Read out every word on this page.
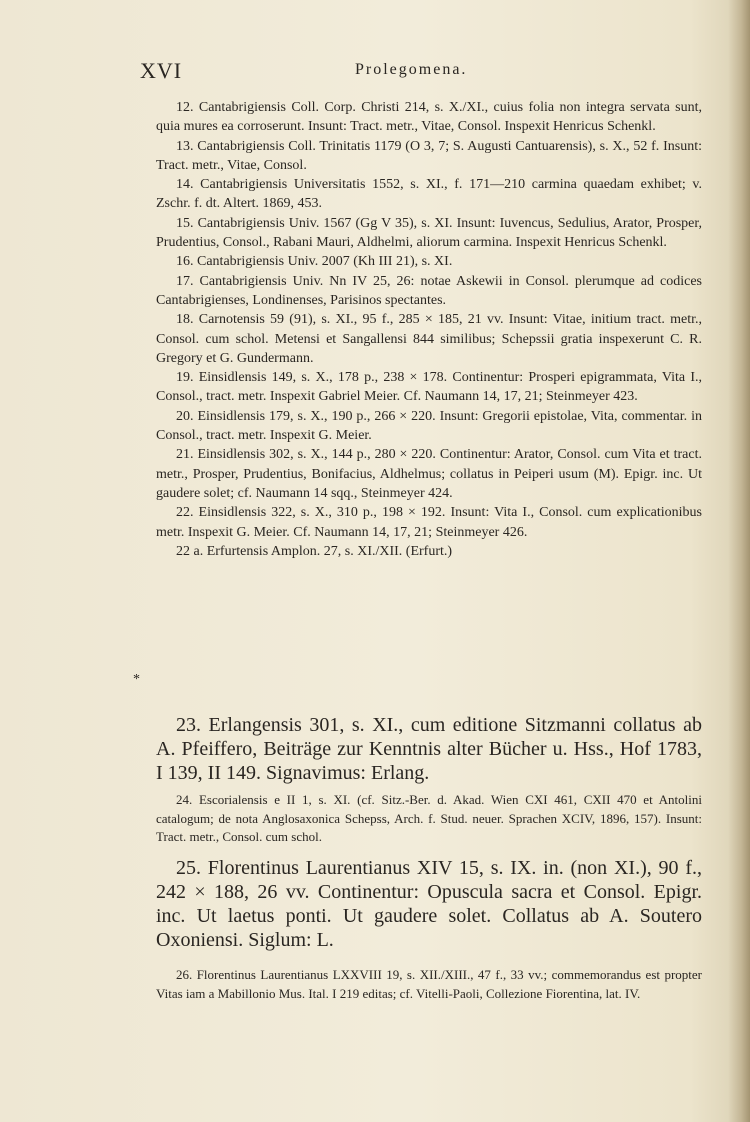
XVI	Prolegomena.

12. Cantabrigiensis Coll. Corp. Christi 214, s. X./XI., cuius folia non integra servata sunt, quia mures ea corroserunt. Insunt: Tract. metr., Vitae, Consol. Inspexit Henricus Schenkl.

13. Cantabrigiensis Coll. Trinitatis 1179 (O 3, 7; S. Augusti Cantuarensis), s. X., 52 f. Insunt: Tract. metr., Vitae, Consol.

14. Cantabrigiensis Universitatis 1552, s. XI., f. 171—210 carmina quaedam exhibet; v. Zschr. f. dt. Altert. 1869, 453.

15. Cantabrigiensis Univ. 1567 (Gg V 35), s. XI. Insunt: Iuvencus, Sedulius, Arator, Prosper, Prudentius, Consol., Rabani Mauri, Aldhelmi, aliorum carmina. Inspexit Henricus Schenkl.

16. Cantabrigiensis Univ. 2007 (Kh III 21), s. XI.

17. Cantabrigiensis Univ. Nn IV 25, 26: notae Askewii in Consol. plerumque ad codices Cantabrigienses, Londinenses, Parisinos spectantes.

18. Carnotensis 59 (91), s. XI., 95 f., 285 × 185, 21 vv. Insunt: Vitae, initium tract. metr., Consol. cum schol. Metensi et Sangallensi 844 similibus; Schepssii gratia inspexerunt C. R. Gregory et G. Gundermann.

19. Einsidlensis 149, s. X., 178 p., 238 × 178. Continentur: Prosperi epigrammata, Vita I., Consol., tract. metr. Inspexit Gabriel Meier. Cf. Naumann 14, 17, 21; Steinmeyer 423.

20. Einsidlensis 179, s. X., 190 p., 266 × 220. Insunt: Gregorii epistolae, Vita, commentar. in Consol., tract. metr. Inspexit G. Meier.

21. Einsidlensis 302, s. X., 144 p., 280 × 220. Continentur: Arator, Consol. cum Vita et tract. metr., Prosper, Prudentius, Bonifacius, Aldhelmus; collatus in Peiperi usum (M). Epigr. inc. Ut gaudere solet; cf. Naumann 14 sqq., Steinmeyer 424.

22. Einsidlensis 322, s. X., 310 p., 198 × 192. Insunt: Vita I., Consol. cum explicationibus metr. Inspexit G. Meier. Cf. Naumann 14, 17, 21; Steinmeyer 426.

22 a. Erfurtensis Amplon. 27, s. XI./XII. (Erfurt.)

*

23. Erlangensis 301, s. XI., cum editione Sitzmanni collatus ab A. Pfeiffero, Beiträge zur Kenntnis alter Bücher u. Hss., Hof 1783, I 139, II 149. Signavimus: Erlang.

24. Escorialensis e II 1, s. XI. (cf. Sitz.-Ber. d. Akad. Wien CXI 461, CXII 470 et Antolini catalogum; de nota Anglosaxonica Schepss, Arch. f. Stud. neuer. Sprachen XCIV, 1896, 157). Insunt: Tract. metr., Consol. cum schol.

25. Florentinus Laurentianus XIV 15, s. IX. in. (non XI.), 90 f., 242 × 188, 26 vv. Continentur: Opuscula sacra et Consol. Epigr. inc. Ut laetus ponti. Ut gaudere solet. Collatus ab A. Soutero Oxoniensi. Siglum: L.

26. Florentinus Laurentianus LXXVIII 19, s. XII./XIII., 47 f., 33 vv.; commemorandus est propter Vitas iam a Mabillonio Mus. Ital. I 219 editas; cf. Vitelli-Paoli, Collezione Fiorentina, lat. IV.
